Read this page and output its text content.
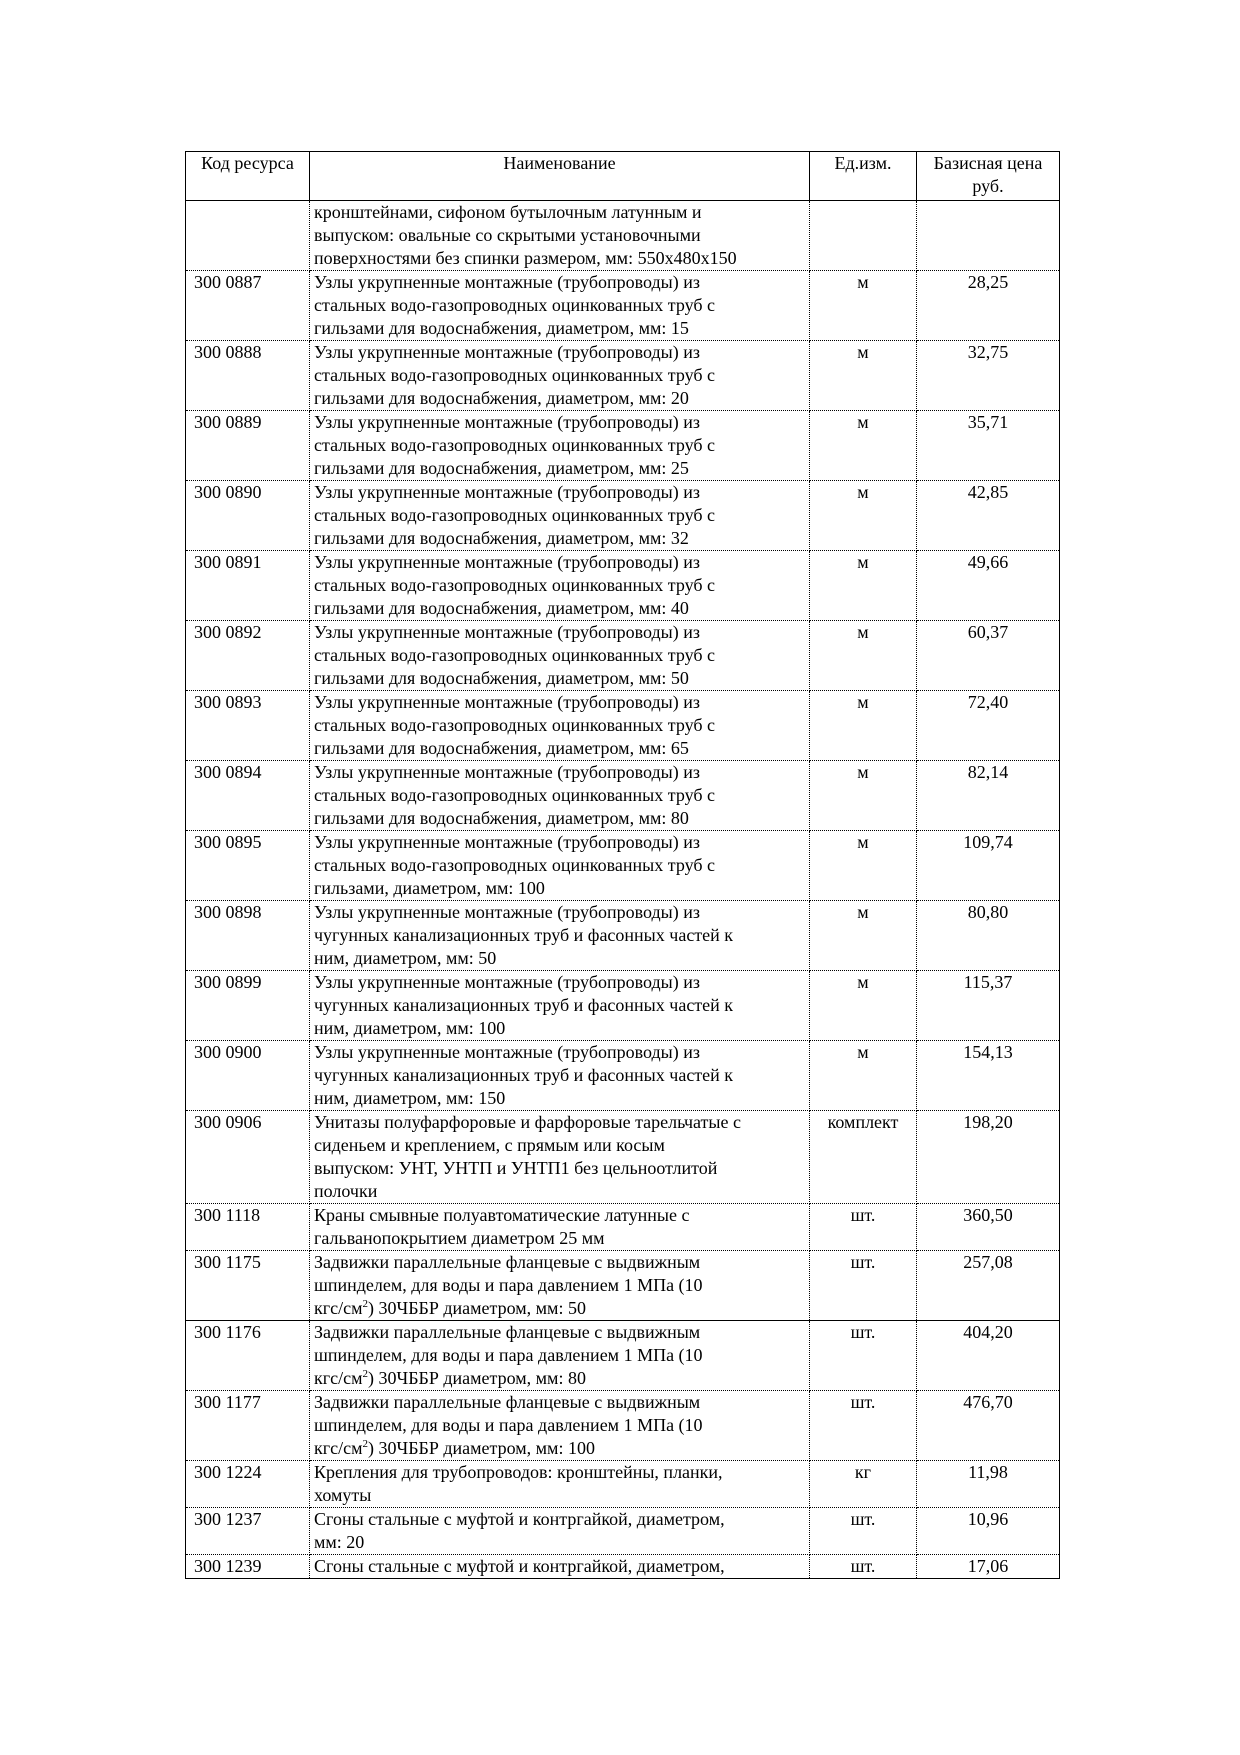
Код ресурса	Наименование	Ед.изм.	Базисная цена руб.

	кронштейнами, сифоном бутылочным латунным и
выпуском: овальные со скрытыми установочными
поверхностями без спинки размером, мм: 550х480х150		

300 0887	Узлы укрупненные монтажные (трубопроводы) из
стальных водо-газопроводных оцинкованных труб с
гильзами для водоснабжения, диаметром, мм: 15	м	28,25
300 0888	Узлы укрупненные монтажные (трубопроводы) из
стальных водо-газопроводных оцинкованных труб с
гильзами для водоснабжения, диаметром, мм: 20	м	32,75
300 0889	Узлы укрупненные монтажные (трубопроводы) из
стальных водо-газопроводных оцинкованных труб с
гильзами для водоснабжения, диаметром, мм: 25	м	35,71
300 0890	Узлы укрупненные монтажные (трубопроводы) из
стальных водо-газопроводных оцинкованных труб с
гильзами для водоснабжения, диаметром, мм: 32	м	42,85
300 0891	Узлы укрупненные монтажные (трубопроводы) из
стальных водо-газопроводных оцинкованных труб с
гильзами для водоснабжения, диаметром, мм: 40	м	49,66
300 0892	Узлы укрупненные монтажные (трубопроводы) из
стальных водо-газопроводных оцинкованных труб с
гильзами для водоснабжения, диаметром, мм: 50	м	60,37
300 0893	Узлы укрупненные монтажные (трубопроводы) из
стальных водо-газопроводных оцинкованных труб с
гильзами для водоснабжения, диаметром, мм: 65	м	72,40
300 0894	Узлы укрупненные монтажные (трубопроводы) из
стальных водо-газопроводных оцинкованных труб с
гильзами для водоснабжения, диаметром, мм: 80	м	82,14
300 0895	Узлы укрупненные монтажные (трубопроводы) из
стальных водо-газопроводных оцинкованных труб с
гильзами, диаметром, мм: 100	м	109,74
300 0898	Узлы укрупненные монтажные (трубопроводы) из
чугунных канализационных труб и фасонных частей к
ним, диаметром, мм: 50	м	80,80
300 0899	Узлы укрупненные монтажные (трубопроводы) из
чугунных канализационных труб и фасонных частей к
ним, диаметром, мм: 100	м	115,37
300 0900	Узлы укрупненные монтажные (трубопроводы) из
чугунных канализационных труб и фасонных частей к
ним, диаметром, мм: 150	м	154,13
300 0906	Унитазы полуфарфоровые и фарфоровые тарельчатые с
сиденьем и креплением, с прямым или косым
выпуском: УНТ, УНТП и УНТП1 без цельноотлитой
полочки	комплект	198,20
300 1118	Краны смывные полуавтоматические латунные с
гальванопокрытием диаметром 25 мм	шт.	360,50
300 1175	Задвижки параллельные фланцевые с выдвижным
шпинделем, для воды и пара давлением 1 МПа (10
кгс/$см^2$) 30ЧББР диаметром, мм: 50	шт.	257,08
300 1176	Задвижки параллельные фланцевые с выдвижным
шпинделем, для воды и пара давлением 1 МПа (10
кгс/$см^2$) 30ЧББР диаметром, мм: 80	шт.	404,20
300 1177	Задвижки параллельные фланцевые с выдвижным
шпинделем, для воды и пара давлением 1 МПа (10
кгс/$см^2$) 30ЧББР диаметром, мм: 100	шт.	476,70
300 1224	Крепления для трубопроводов: кронштейны, планки,
хомуты	кг	11,98
300 1237	Сгоны стальные с муфтой и контргайкой, диаметром,
мм: 20	шт.	10,96
300 1239	Сгоны стальные с муфтой и контргайкой, диаметром,	шт.	17,06
